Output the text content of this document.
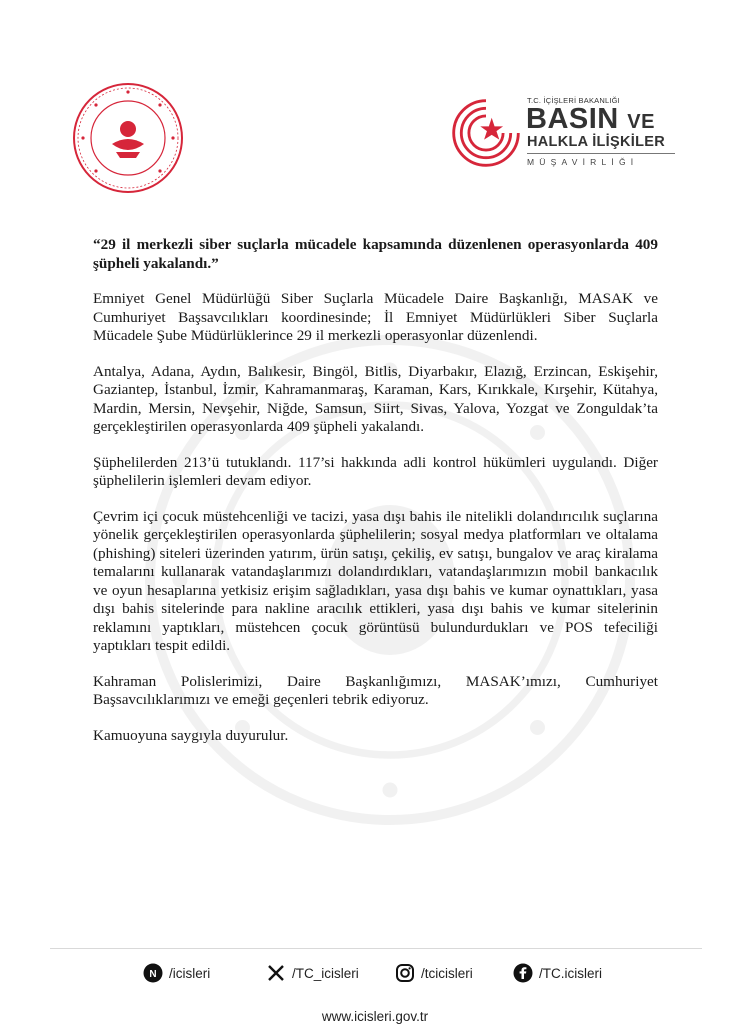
T.C. İÇİŞLERİ BAKANLIĞI
BASIN VE
HALKLA İLİŞKİLER
MÜŞAVİRLİĞİ

“29 il merkezli siber suçlarla mücadele kapsamında düzenlenen operasyonlarda 409 şüpheli yakalandı.”

Emniyet Genel Müdürlüğü Siber Suçlarla Mücadele Daire Başkanlığı, MASAK ve Cumhuriyet Başsavcılıkları koordinesinde; İl Emniyet Müdürlükleri Siber Suçlarla Mücadele Şube Müdürlüklerince 29 il merkezli operasyonlar düzenlendi.

Antalya, Adana, Aydın, Balıkesir, Bingöl, Bitlis, Diyarbakır, Elazığ, Erzincan, Eskişehir, Gaziantep, İstanbul, İzmir, Kahramanmaraş, Karaman, Kars, Kırıkkale, Kırşehir, Kütahya, Mardin, Mersin, Nevşehir, Niğde, Samsun, Siirt, Sivas, Yalova, Yozgat ve Zonguldak’ta gerçekleştirilen operasyonlarda 409 şüpheli yakalandı.

Şüphelilerden 213’ü tutuklandı. 117’si hakkında adli kontrol hükümleri uygulandı. Diğer şüphelilerin işlemleri devam ediyor.

Çevrim içi çocuk müstehcenliği ve tacizi, yasa dışı bahis ile nitelikli dolandırıcılık suçlarına yönelik gerçekleştirilen operasyonlarda şüphelilerin; sosyal medya platformları ve oltalama (phishing) siteleri üzerinden yatırım, ürün satışı, çekiliş, ev satışı, bungalov ve araç kiralama temalarını kullanarak vatandaşlarımızı dolandırdıkları, vatandaşlarımızın mobil bankacılık ve oyun hesaplarına yetkisiz erişim sağladıkları, yasa dışı bahis ve kumar oynattıkları, yasa dışı bahis sitelerinde para nakline aracılık ettikleri, yasa dışı bahis ve kumar sitelerinin reklamını yaptıkları, müstehcen çocuk görüntüsü bulundurdukları ve POS tefeciliği yaptıkları tespit edildi.

Kahraman Polislerimizi, Daire Başkanlığımızı, MASAK’ımızı, Cumhuriyet Başsavcılıklarımızı ve emeği geçenleri tebrik ediyoruz.

Kamuoyuna saygıyla duyurulur.

N /icisleri	/TC_icisleri	/tcicisleri	/TC.icisleri
www.icisleri.gov.tr
